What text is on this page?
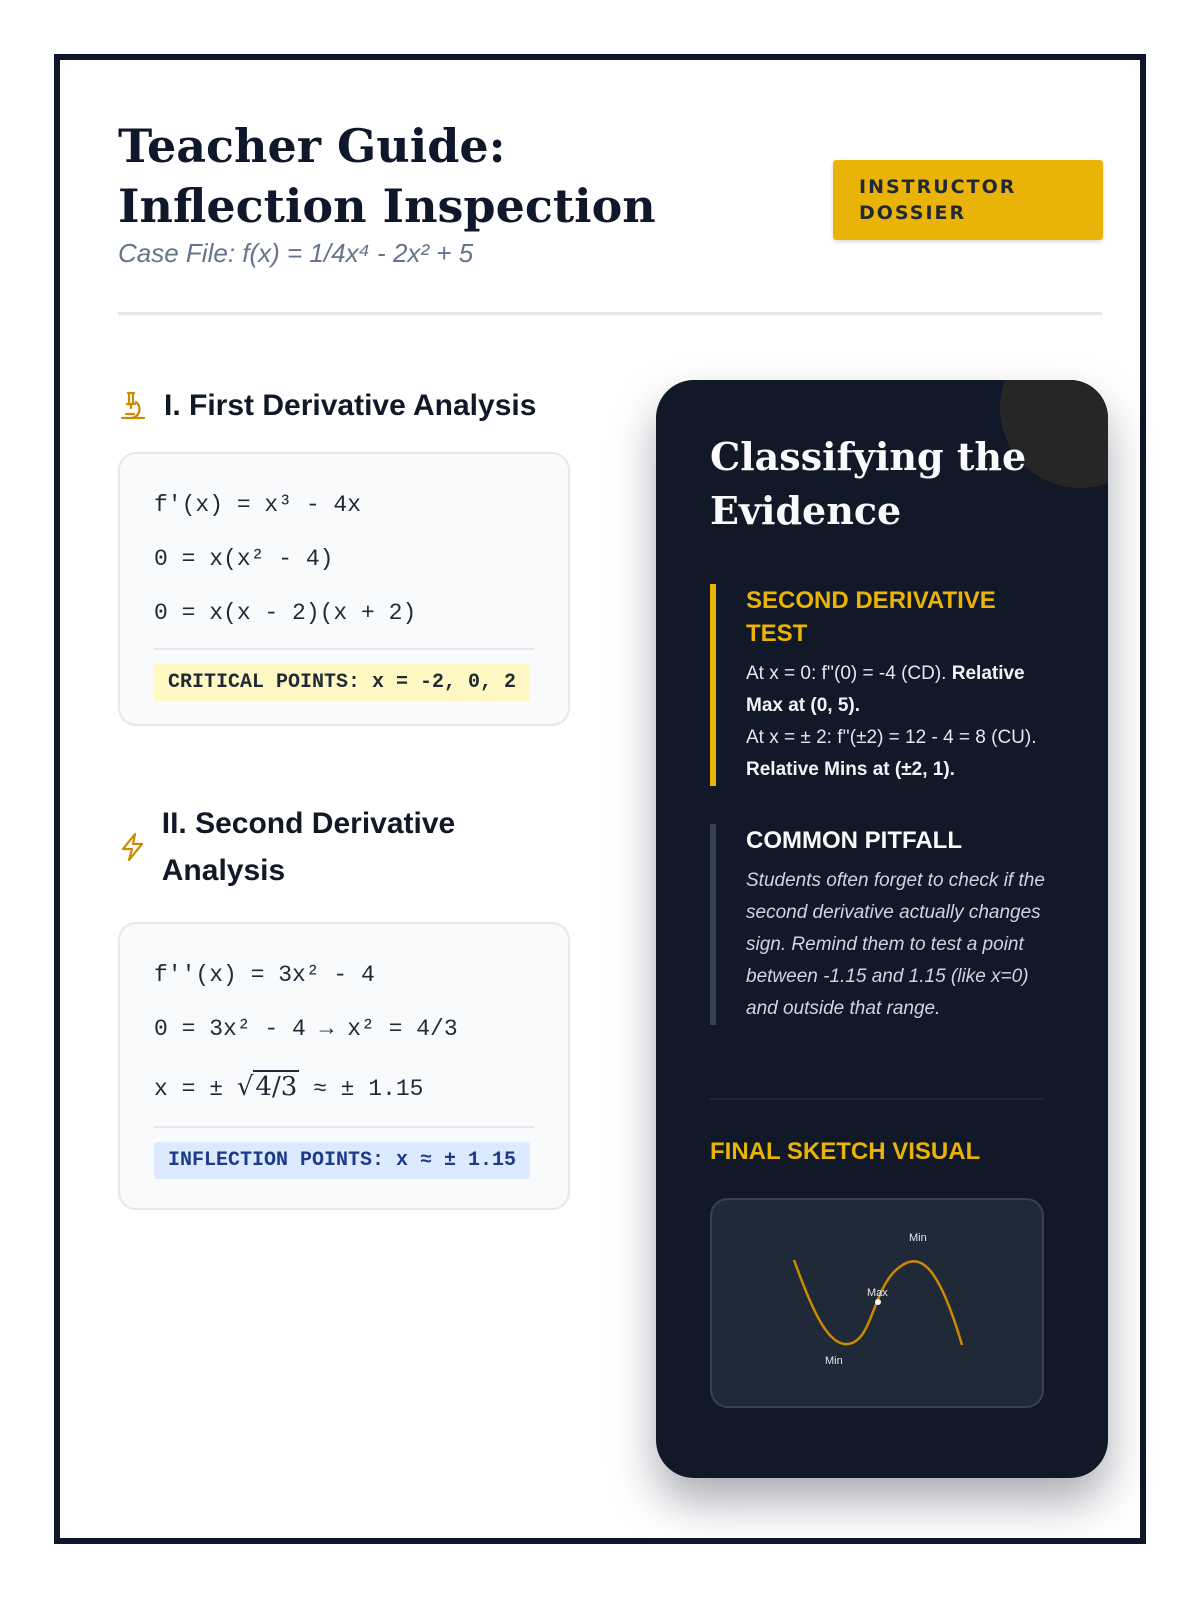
Teacher Guide: Inflection Inspection

Case File: f(x) = 1/4x⁴ - 2x² + 5

INSTRUCTOR DOSSIER
I. First Derivative Analysis
f'(x) = x³ - 4x
0 = x(x² - 4)
0 = x(x - 2)(x + 2)
CRITICAL POINTS: x = -2, 0, 2
II. Second Derivative Analysis
f''(x) = 3x² - 4
0 = 3x² - 4 → x² = 4/3
x = ± √4/3 ≈ ± 1.15
INFLECTION POINTS: x ≈ ± 1.15
Classifying the Evidence
SECOND DERIVATIVE TEST

At x = 0: f''(0) = -4 (CD). Relative Max at (0, 5).
At x = ± 2: f''(±2) = 12 - 4 = 8 (CU). Relative Mins at (±2, 1).

COMMON PITFALL

Students often forget to check if the second derivative actually changes sign. Remind them to test a point between -1.15 and 1.15 (like x=0) and outside that range.

FINAL SKETCH VISUAL
Min
Max
Min
